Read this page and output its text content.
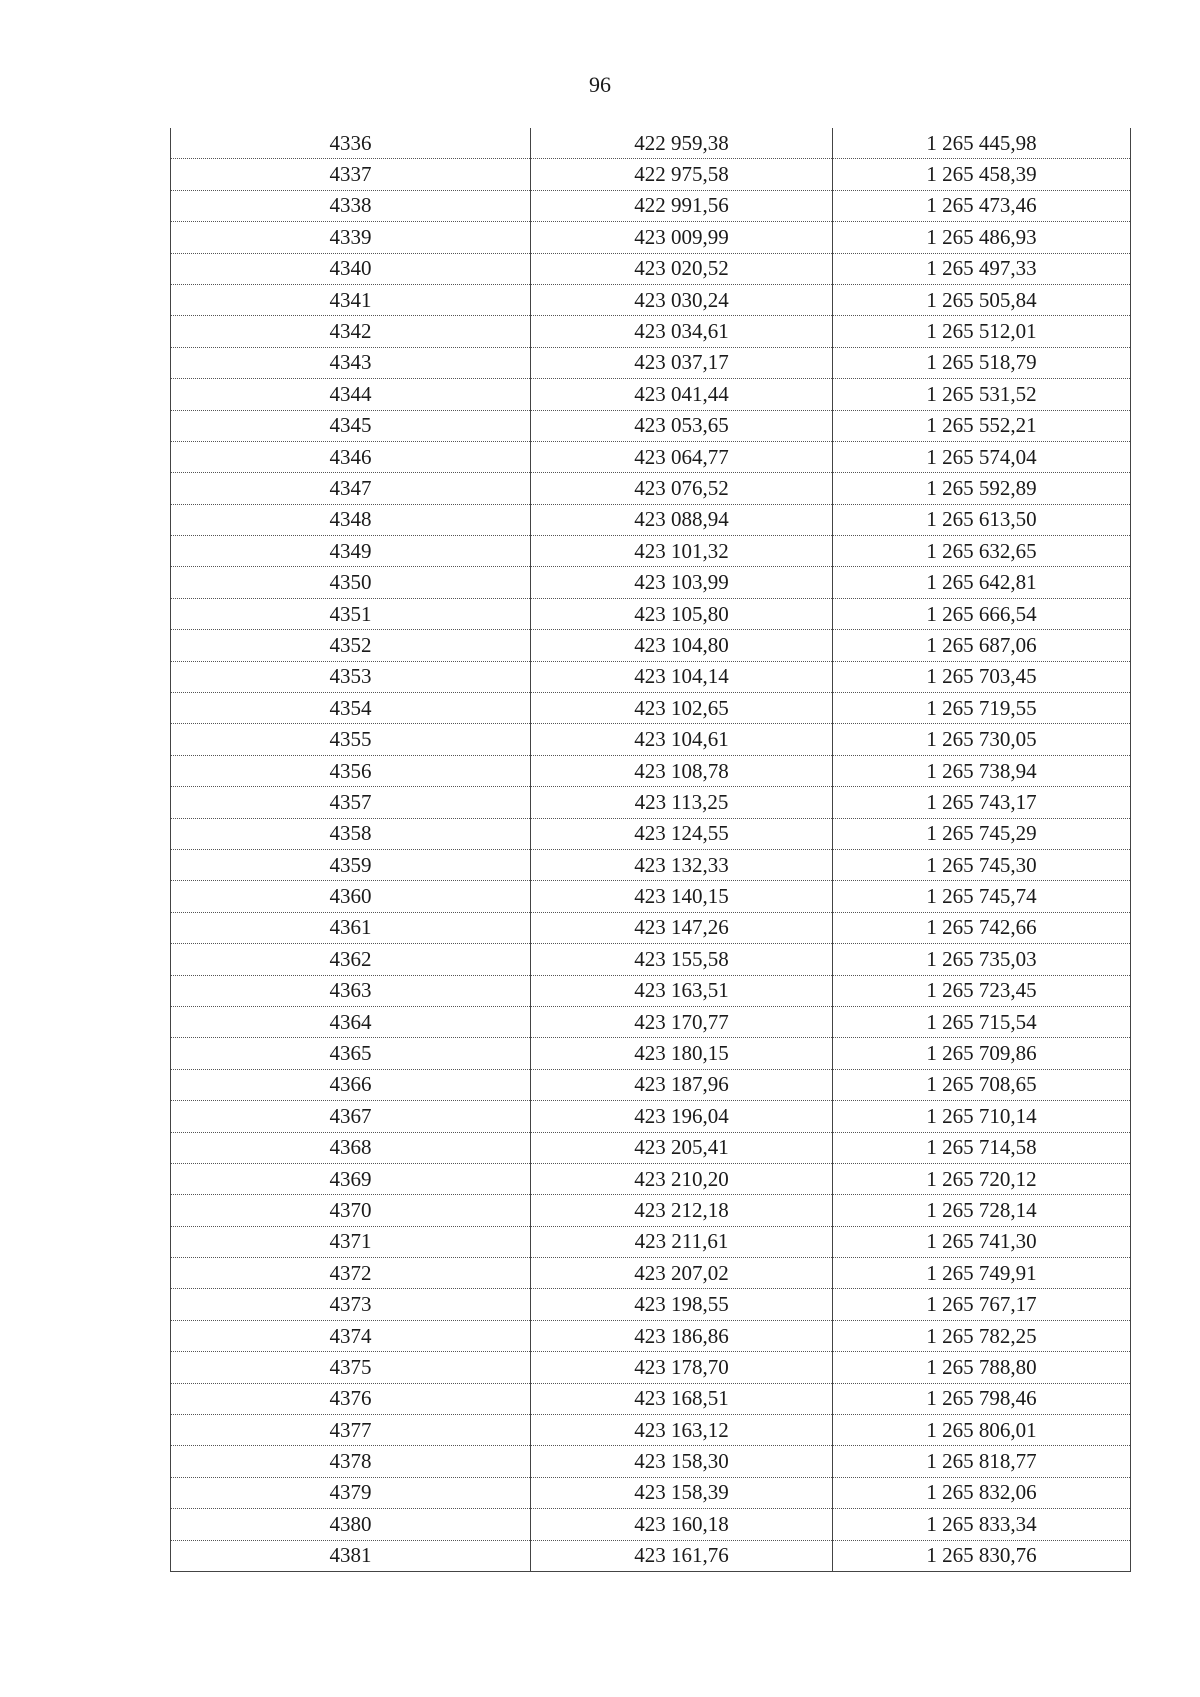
96
4336	422 959,38	1 265 445,98
4337	422 975,58	1 265 458,39
4338	422 991,56	1 265 473,46
4339	423 009,99	1 265 486,93
4340	423 020,52	1 265 497,33
4341	423 030,24	1 265 505,84
4342	423 034,61	1 265 512,01
4343	423 037,17	1 265 518,79
4344	423 041,44	1 265 531,52
4345	423 053,65	1 265 552,21
4346	423 064,77	1 265 574,04
4347	423 076,52	1 265 592,89
4348	423 088,94	1 265 613,50
4349	423 101,32	1 265 632,65
4350	423 103,99	1 265 642,81
4351	423 105,80	1 265 666,54
4352	423 104,80	1 265 687,06
4353	423 104,14	1 265 703,45
4354	423 102,65	1 265 719,55
4355	423 104,61	1 265 730,05
4356	423 108,78	1 265 738,94
4357	423 113,25	1 265 743,17
4358	423 124,55	1 265 745,29
4359	423 132,33	1 265 745,30
4360	423 140,15	1 265 745,74
4361	423 147,26	1 265 742,66
4362	423 155,58	1 265 735,03
4363	423 163,51	1 265 723,45
4364	423 170,77	1 265 715,54
4365	423 180,15	1 265 709,86
4366	423 187,96	1 265 708,65
4367	423 196,04	1 265 710,14
4368	423 205,41	1 265 714,58
4369	423 210,20	1 265 720,12
4370	423 212,18	1 265 728,14
4371	423 211,61	1 265 741,30
4372	423 207,02	1 265 749,91
4373	423 198,55	1 265 767,17
4374	423 186,86	1 265 782,25
4375	423 178,70	1 265 788,80
4376	423 168,51	1 265 798,46
4377	423 163,12	1 265 806,01
4378	423 158,30	1 265 818,77
4379	423 158,39	1 265 832,06
4380	423 160,18	1 265 833,34
4381	423 161,76	1 265 830,76
